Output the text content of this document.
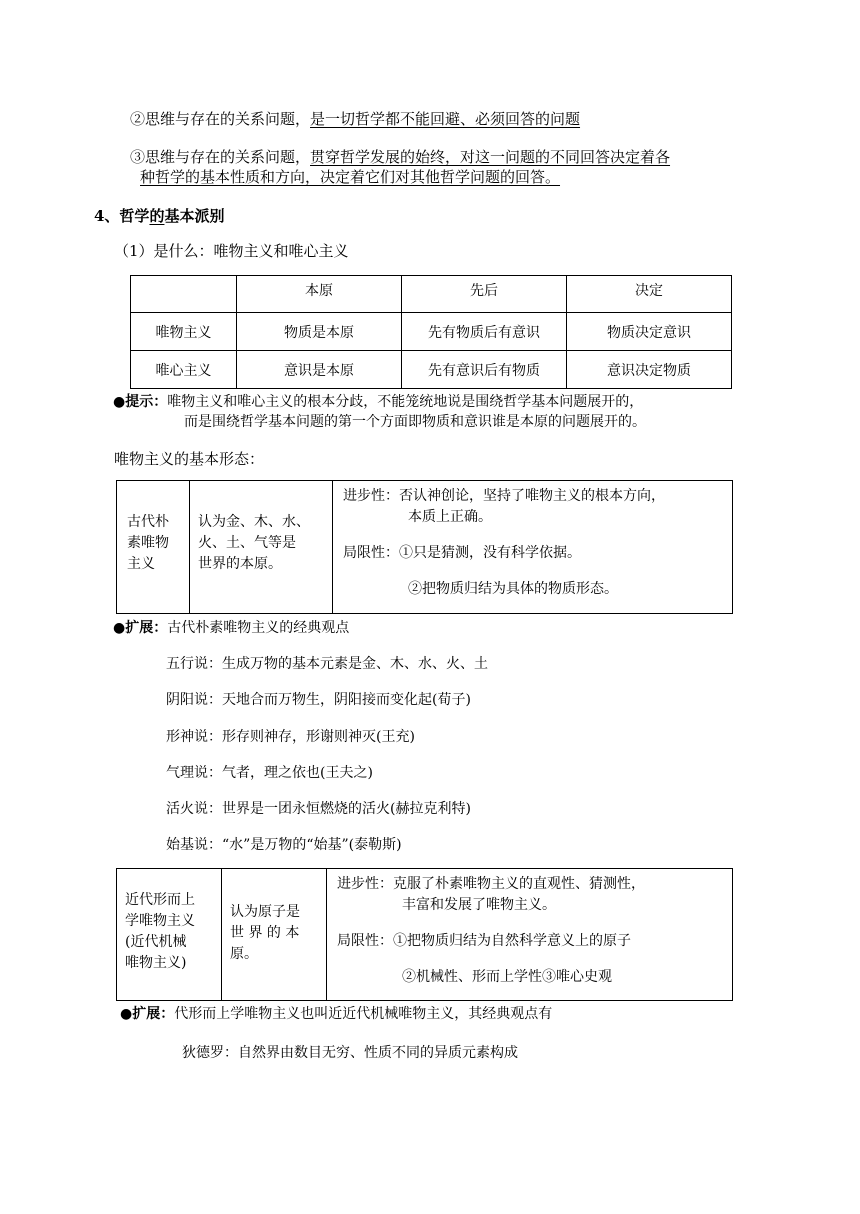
②思维与存在的关系问题，是一切哲学都不能回避、必须回答的问题
③思维与存在的关系问题，贯穿哲学发展的始终，对这一问题的不同回答决定着各
种哲学的基本性质和方向，决定着它们对其他哲学问题的回答。
4、哲学的基本派别
（1）是什么：唯物主义和唯心主义
	本原	先后	决定
唯物主义	物质是本原	先有物质后有意识	物质决定意识
唯心主义	意识是本原	先有意识后有物质	意识决定物质
●提示：唯物主义和唯心主义的根本分歧，不能笼统地说是围绕哲学基本问题展开的，
而是围绕哲学基本问题的第一个方面即物质和意识谁是本原的问题展开的。
唯物主义的基本形态：
古代朴
素唯物
主义

认为金、木、水、
火、土、气等是
世界的本原。

进步性：否认神创论，坚持了唯物主义的根本方向，
本质上正确。
局限性：①只是猜测，没有科学依据。
②把物质归结为具体的物质形态。
●扩展：古代朴素唯物主义的经典观点
五行说：生成万物的基本元素是金、木、水、火、土
阴阳说：天地合而万物生，阴阳接而变化起(荀子)
形神说：形存则神存，形谢则神灭(王充)
气理说：气者，理之依也(王夫之)
活火说：世界是一团永恒燃烧的活火(赫拉克利特)
始基说：“水”是万物的“始基”(泰勒斯)
近代形而上
学唯物主义
(近代机械
唯物主义)

认为原子是
世 界 的 本
原。

进步性：克服了朴素唯物主义的直观性、猜测性，
丰富和发展了唯物主义。
局限性：①把物质归结为自然科学意义上的原子
②机械性、形而上学性③唯心史观
●扩展：代形而上学唯物主义也叫近近代机械唯物主义，其经典观点有
狄德罗：自然界由数目无穷、性质不同的异质元素构成
